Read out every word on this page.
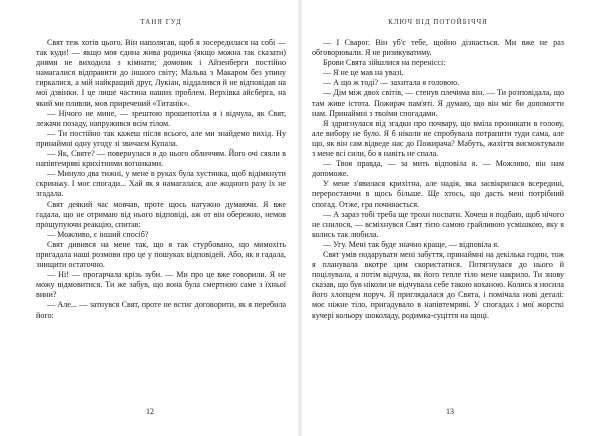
ТАНЯ ГУД

Свят теж хотів цього. Він наполягав, щоб я зосередилася на собі — так куди! — якщо моя єдина жива родичка (якщо можна так сказати) днями не виходила з кімнати; домовик і Айзенберги постійно намагалися відправити до іншого світу; Мальва з Макаром без упину гиркалися, а мій найкращий друг, Лукіан, віддалився й не відповідав на мої дзвінки. І це лише частина наших проблем. Верхівка айсберга, на який ми пливли, мов приречений «Титанік».

— Нічого не мине, — зрештою прошепотіла я і відчула, як Свят, лежачи позаду, напружився всім тілом.

— Ти постійно так кажеш після всього, але ми знайдемо вихід. Ну принаймні одну угоду зі звичаєм Купала.

— Як, Святе? — повернулася я до нього обличчям. Його очі сяяли в напівтемряві крихітними вогниками.

— Минуло два тижні, у мене в руках була хустинка, щоб відімкнути скриньку. І моє спогади... Хай як я намагалася, але жодного разу їх не згадала.

Свят деякий час мовчав, проте щось натужно думаючи. Я вже гадала, що не отримаю від нього відповіді, аж от він обережно, немов прощупуючи реакцію, спитав:

— Можливо, є інший спосіб?

Свят дивився на мене так, що я так стурбовано, що мимохіть пригадала наші розмови про це у пошуках відповідей. Або, як я гадала, знищити остаточно.

— Ні! — прогарчала крізь зуби. — Ми про це вже говорили. Я не можу відмовитися. Ти же забув, що вона була смертною саме з їхньої вини?

— Але... — затнувся Свят, проте не встиг договорити, як я перебила його:

12
КЛЮЧ ВІД ПОТОЙБІЧЧЯ

— І Сварог. Він уб'є тебе, щойно дізнається. Ми вже не раз обговорювали. Я не ризикуватиму.

Брови Свята зійшлися на переніссі:

— Я не це мав на увазі.

— А що ж тоді? — захитала я головою.

— Дім між двох світів, — стенув плечима він. — Ти розповідала, що там живе істота. Пожирач пам'яті. Я думаю, що він міг би допомогти нам. Принаймні з твоїми спогадами.

Я здригнулася від згадки про почвару, що вміла проникати в голову, але вибору не було. Я б ніколи не спробувала потрапити туди сама, але що, як він сам відведе нас до Пожирача? Мабуть, жахіття висмоктували з мене всі сили, бо я навіть не спала.

— Твоя правда, — за мить відповіла я. — Можливо, він нам допоможе.

У мене з'явилася крихітна, але надія, яка засвікрилася всередині, переростаючи в щось більше. Ще хтось, що дасть мені потрібний спогад. Отже, гра починається.

— А зараз тобі треба ще трохи поспати. Хочеш я подбаю, щоб нічого не снилося, — всміхнувся Свят тією самою грайливою усмішкою, яку я колись так любила.

— Угу. Мені так буде значно краще, — відповіла я.

Свят умів подарувати мені забуття, принаймні на декілька годин, тож я планувала вкотре цим скористатися. Потягнулася до нього й поцілувала, а потім відчула, як його тепле тіло мене накрило. Ти знову сказав, що був ніколи не відчувала себе такою коханою. Колись я носила його хлопцем поруч. Я приглядалася до Свята, і помічала нові деталі: моє ніжне тіло, пригадувало в напівтемряві. У спогадах і мої жорсткі кучері кольору шоколаду, родимка-суціття на щоці.

13
